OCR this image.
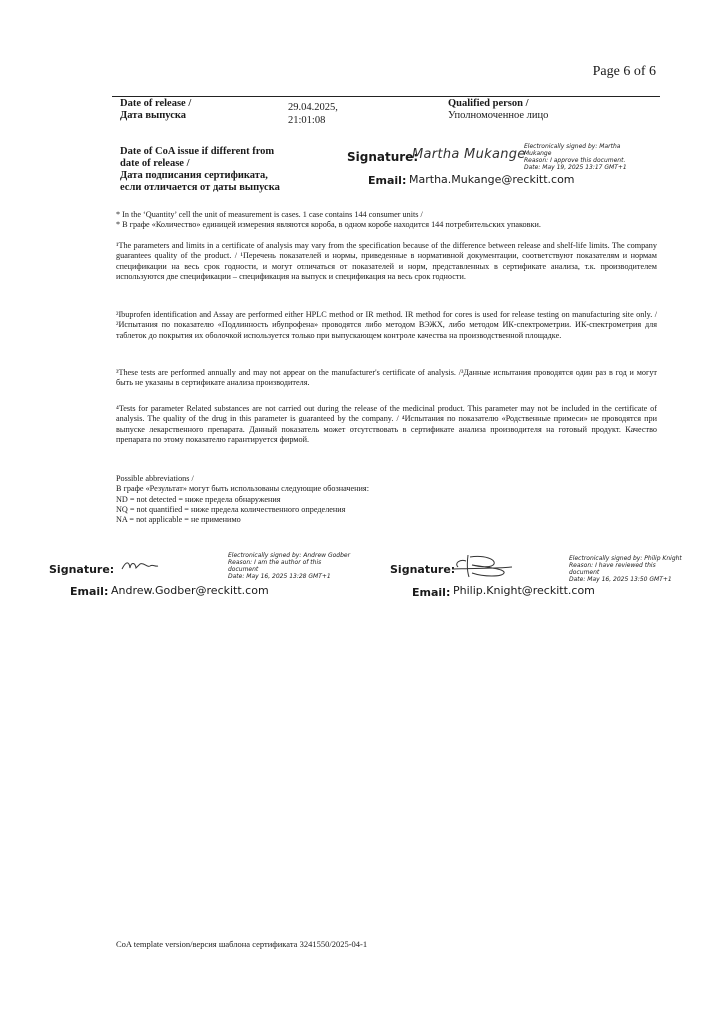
Page 6 of 6
Date of release /
Дата выпуска
29.04.2025,
21:01:08
Qualified person /
Уполномоченное лицо
Date of CoA issue if different from
date of release /
Дата подписания сертификата,
если отличается от даты выпуска
Signature:
Martha Mukange
Electronically signed by: Martha
Mukange
Reason: I approve this document.
Date: May 19, 2025 13:17 GMT+1
Email: Martha.Mukange@reckitt.com

* In the ‘Quantity’ cell the unit of measurement is cases. 1 case contains 144 consumer units /

* В графе «Количество» единицей измерения являются короба, в одном коробе находится 144 потребительских упаковки.

¹The parameters and limits in a certificate of analysis may vary from the specification because of the difference between release and shelf-life limits. The company guarantees quality of the product. / ¹Перечень показателей и нормы, приведенные в нормативной документации, соответствуют показателям и нормам спецификации на весь срок годности, и могут отличаться от показателей и норм, представленных в сертификате анализа, т.к. производителем используются две спецификации – спецификация на выпуск и спецификация на весь срок годности.

²Ibuprofen identification and Assay are performed either HPLC method or IR method. IR method for cores is used for release testing on manufacturing site only. / ²Испытания по показателю «Подлинность ибупрофена» проводятся либо методом ВЭЖХ, либо методом ИК-спектрометрии. ИК-спектрометрия для таблеток до покрытия их оболочкой используется только при выпускающем контроле качества на производственной площадке.

³These tests are performed annually and may not appear on the manufacturer's certificate of analysis. /³Данные испытания проводятся один раз в год и могут быть не указаны в сертификате анализа производителя.

⁴Tests for parameter Related substances are not carried out during the release of the medicinal product. This parameter may not be included in the certificate of analysis. The quality of the drug in this parameter is guaranteed by the company. / ⁴Испытания по показателю «Родственные примеси» не проводятся при выпуске лекарственного препарата. Данный показатель может отсутствовать в сертификате анализа производителя на готовый продукт. Качество препарата по этому показателю гарантируется фирмой.

Possible abbreviations /

В графе «Результат» могут быть использованы следующие обозначения:

ND = not detected = ниже предела обнаружения

NQ = not quantified = ниже предела количественного определения

NA = not applicable = не применимо

Signature:
Electronically signed by: Andrew Godber
Reason: I am the author of this
document
Date: May 16, 2025 13:28 GMT+1
Email: Andrew.Godber@reckitt.com
Signature:
Electronically signed by: Philip Knight
Reason: I have reviewed this
document
Date: May 16, 2025 13:50 GMT+1
Email: Philip.Knight@reckitt.com
CoA template version/версия шаблона сертификата 3241550/2025-04-1
